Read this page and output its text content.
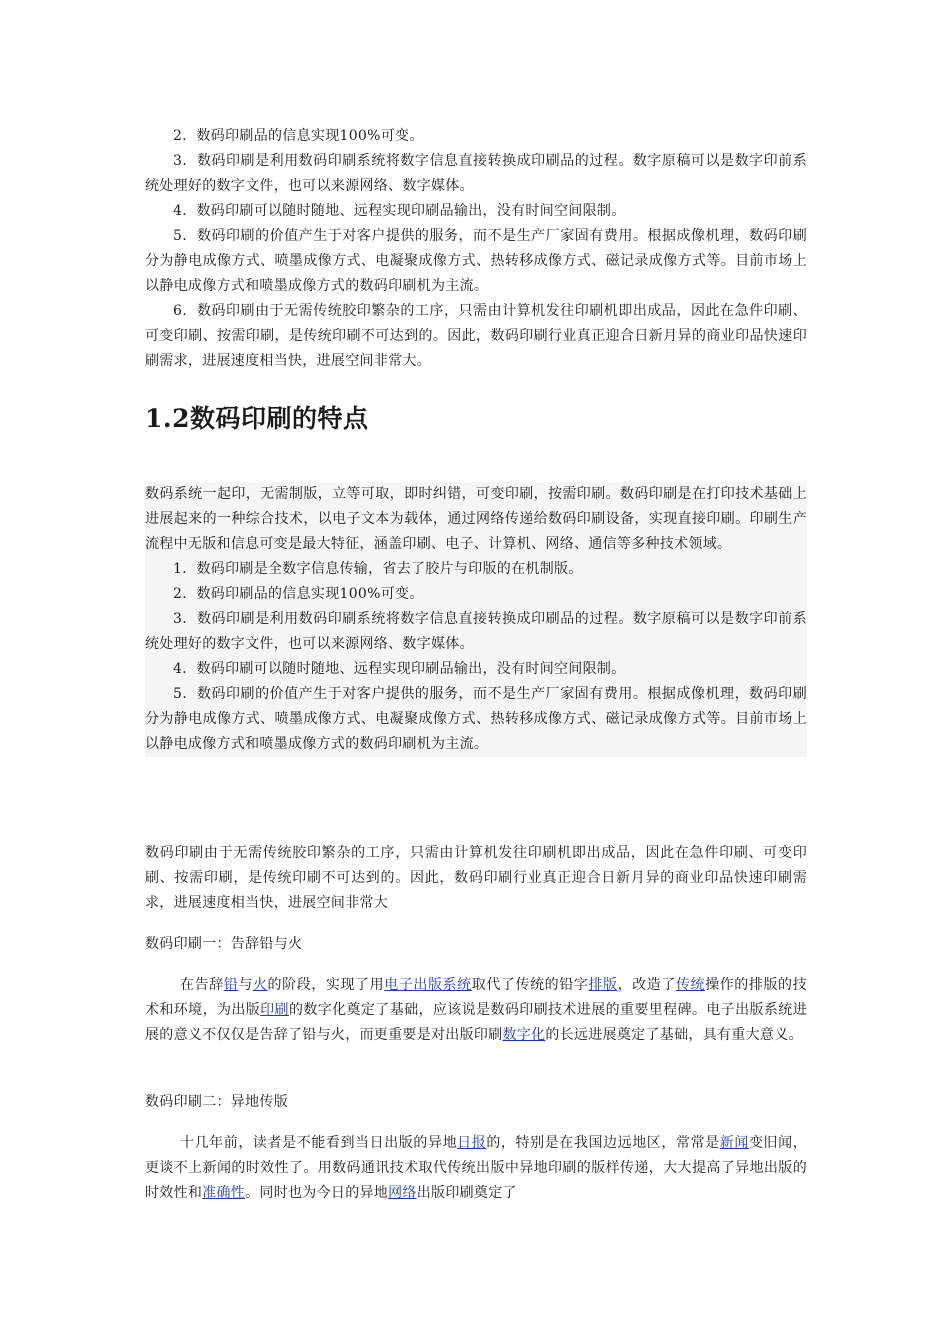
2．数码印刷品的信息实现100%可变。

3．数码印刷是利用数码印刷系统将数字信息直接转换成印刷品的过程。数字原稿可以是数字印前系统处理好的数字文件，也可以来源网络、数字媒体。

4．数码印刷可以随时随地、远程实现印刷品输出，没有时间空间限制。

5．数码印刷的价值产生于对客户提供的服务，而不是生产厂家固有费用。根据成像机理，数码印刷分为静电成像方式、喷墨成像方式、电凝聚成像方式、热转移成像方式、磁记录成像方式等。目前市场上以静电成像方式和喷墨成像方式的数码印刷机为主流。

6．数码印刷由于无需传统胶印繁杂的工序，只需由计算机发往印刷机即出成品，因此在急件印刷、可变印刷、按需印刷，是传统印刷不可达到的。因此，数码印刷行业真正迎合日新月异的商业印品快速印刷需求，进展速度相当快，进展空间非常大。

1.2数码印刷的特点

数码系统一起印，无需制版，立等可取，即时纠错，可变印刷，按需印刷。数码印刷是在打印技术基础上进展起来的一种综合技术，以电子文本为载体，通过网络传递给数码印刷设备，实现直接印刷。印刷生产流程中无版和信息可变是最大特征，涵盖印刷、电子、计算机、网络、通信等多种技术领域。

1．数码印刷是全数字信息传输，省去了胶片与印版的在机制版。

2．数码印刷品的信息实现100%可变。

3．数码印刷是利用数码印刷系统将数字信息直接转换成印刷品的过程。数字原稿可以是数字印前系统处理好的数字文件，也可以来源网络、数字媒体。

4．数码印刷可以随时随地、远程实现印刷品输出，没有时间空间限制。

5．数码印刷的价值产生于对客户提供的服务，而不是生产厂家固有费用。根据成像机理，数码印刷分为静电成像方式、喷墨成像方式、电凝聚成像方式、热转移成像方式、磁记录成像方式等。目前市场上以静电成像方式和喷墨成像方式的数码印刷机为主流。

数码印刷由于无需传统胶印繁杂的工序，只需由计算机发往印刷机即出成品，因此在急件印刷、可变印刷、按需印刷，是传统印刷不可达到的。因此，数码印刷行业真正迎合日新月异的商业印品快速印刷需求，进展速度相当快，进展空间非常大

数码印刷一：告辞铅与火

在告辞铅与火的阶段，实现了用电子出版系统取代了传统的铅字排版，改造了传统操作的排版的技术和环境，为出版印刷的数字化奠定了基础，应该说是数码印刷技术进展的重要里程碑。电子出版系统进展的意义不仅仅是告辞了铅与火，而更重要是对出版印刷数字化的长远进展奠定了基础，具有重大意义。

数码印刷二：异地传版

十几年前，读者是不能看到当日出版的异地日报的，特别是在我国边远地区，常常是新闻变旧闻，更谈不上新闻的时效性了。用数码通讯技术取代传统出版中异地印刷的版样传递，大大提高了异地出版的时效性和准确性。同时也为今日的异地网络出版印刷奠定了
